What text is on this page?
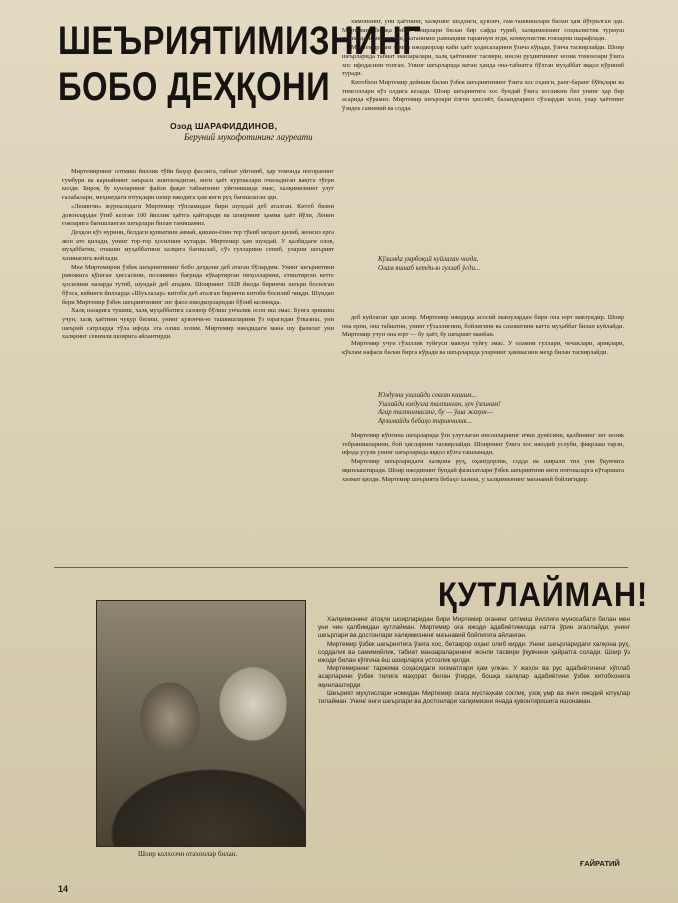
ШЕЪРИЯТИМИЗНИНГ
БОБО ДЕҲҚОНИ
Озод ШАРАФИДДИНОВ,
Беруний мукофотининг лауреати

Миртемирнинг олтмиш йиллик тўйи баҳор фаслига, табиат уйғониб, ҳар томонда ноғоранинг ғумбури ва карнайнинг наъраси эшитиладиган, янги ҳаёт куртаклари очиладиган вақтга тўғри келди. Бироқ бу кунларнинг файзи фақат табиатнинг уйғонишида эмас, халқимизнинг улуғ ғалабалари, меҳнатдаги ютуқлари шоир ижодига ҳам янги руҳ бағишлаган эди.

«Ленинчи» журналидаги Миртемир тўпламидан бири шундай деб аталган. Китоб бизни довонлардан ўтиб келган 100 йиллик ҳаётга қайтаради ва шоирнинг ҳамма ҳаёт йўли, Ленин ғояларига бағишланган шеърлари билан танишамиз.

Деҳқон кўз нурини, белдаги қувватини аямай, қишин-ёзин тер тўкиб меҳнат қилиб, жонсиз ерга жон ато қилади, унинг тор-тор ҳосилини кутарди. Миртемир ҳам шундай. У қалбидаги олов, муҳаббатни, оташин муҳаббатини халқига бағишлаб, сўз гулларини сепиб, уларни шеърият хазинасига жойлади.

Мен Миртемирни ўзбек шеъриятининг бобо деҳқони деб атаган бўлардим. Унинг шеъриятини ривожига қўшган ҳиссасини, поэзиямиз бағрида кўкартирган ниҳолларини, етиштирган кетте ҳосилини назарда тутиб, шундай деб атадим. Шоирнинг 1928 йилда биринчи шеъри босилган бўлса, кейинги йилларда «Шуълалар» китоби деб аталган биринчи китоби босилиб чиқди. Шундан бери Миртемир ўзбек шеъриятининг энг фаол ижодкорларидан бўлиб келмоқда.

Халқ назарига тушиш, халқ муҳаббатига сазовор бўлиш унчалик осон иш эмас. Бунга эришиш учун, халқ ҳаётини чуқур билиш, унинг қувончи-ю ташвишларини ўз юрагидан ўтказиш, уни шеърий сатрларда тўла ифода эта олиш лозим. Миртемир ижодидаги мана шу фазилат уни халқнинг севимли шоирига айлантирди.

химоннинг, уни ҳаётнинг, халқнинг шодлиги, қувонч, ғам-ташвишлари билан ҳам йўғрилган эди. Миртемир бошқа ўзбек шоирлари билан бир сафда туриб, халқимизнинг социалистик турмуш қуришдаги меҳнатини, Ватанимиз равнақини тараннум этди, коммунистик ғояларни шарафлади.

Миртемир ҳам ҳамма ижодкорлар каби ҳаёт ҳодисаларини ўзича кўради, ўзича тасвирлайди. Шоир шеърларида табиат манзаралари, халқ ҳаётининг тасвири, инсон руҳиятининг нозик томонлари ўзига хос ифодасини топган. Унинг шеърларида ватан ҳамда она-табиатга бўлган муҳаббат яққол кўриниб туради.

Китобхон Миртемир дейиши билан ўзбек шеъриятининг ўзига хос оҳанги, ранг-баранг бўёқлари ва тимсоллари кўз олдига келади. Шоир шеъриятига хос бундай ўзига хосликни биз унинг ҳар бир асарида кўрамиз. Миртемир шеърлари ёлғон ҳиссиёт, баландпарвоз сўзлардан холи, улар ҳаётнинг ўзидек самимий ва содда.

Кўзимда умрбоқий куйлаган чоғда,
Олам яшнаб кетди-ю гуллаб ўсди...

деб куйлаган эди шоир. Миртемир ижодида асосий мавзулардан бири она юрт мавзуидир. Шоир она ерни, она табиатни, унинг гўзаллигини, бойлигини ва саховатини катта муҳаббат билан куйлайди. Миртемир учун она юрт — бу ҳаёт, бу шеърият манбаи.

Миртемир учун гўзаллик туйғуси мавзуи туйғу эмас. У оламни гуллари, чечаклари, ариқлари, кўклам нафаси билан бирга кўради ва шеърларида уларнинг ҳаммасини меҳр билан тасвирлайди.

Юлдузни ушлайди севган кишим...
Ушлайди юлдузга талпинган, ҳеч ўзгинам!
Агар талпинмасанг, бу — ўша жаҳон—
Арзимайди бебаҳо тирикчилик...

Миртемир кўпгина шеърларида ўзи улуғлаган инсонларнинг ички дунёсини, қалбининг энг нозик тебранишларини, бой ҳисларини тасвирлайди. Шоирнинг ўзига хос ижодий услуби, фикрлаш тарзи, ифода усули унинг шеърларида яққол кўзга ташланади.

Миртемир шеърларидаги халқона руҳ, оҳангдорлик, содда ва ширали тил уни ўқувчига яқинлаштиради. Шоир ижодининг бундай фазилатлари ўзбек шеъриятини янги поғоналарга кўтаришга хизмат қилди. Миртемир шеърияти бебаҳо хазина, у халқимизнинг маънавий бойлигидир.

Шоир колхозчи отахонлар билан.
ҚУТЛАЙМАН!

Халқимизнинг атоқли шоирларидан бири Миртемир оғанинг олтмиш йиллиги муносабати билан мен уни чин қалбимдан қутлайман. Миртемир оға ижоди адабиётимизда катта ўрин эгаллайди, унинг шеърлари ва достонлари халқимизнинг маънавий бойлигига айланган.

Миртемир ўзбек шеъриятига ўзига хос, бетакрор оҳанг олиб кирди. Унинг шеърларидаги халқона руҳ, соддалик ва самимийлик, табиат манзараларининг жонли тасвири ўқувчини ҳайратга солади. Шоир ўз ижоди билан кўпгина ёш шоирларга устозлик қилди.

Миртемирнинг таржима соҳасидаги хизматлари ҳам улкан. У жаҳон ва рус адабиётининг кўплаб асарларини ўзбек тилига маҳорат билан ўгирди, бошқа халқлар адабиётини ўзбек китобхонига яқинлаштирди.

Шеърият муҳлислари номидан Миртемир оғага мустаҳкам соғлиқ, узоқ умр ва янги ижодий ютуқлар тилайман. Унинг янги шеърлари ва достонлари халқимизни янада қувонтиришига ишонаман.

ҒАЙРАТИЙ
14
